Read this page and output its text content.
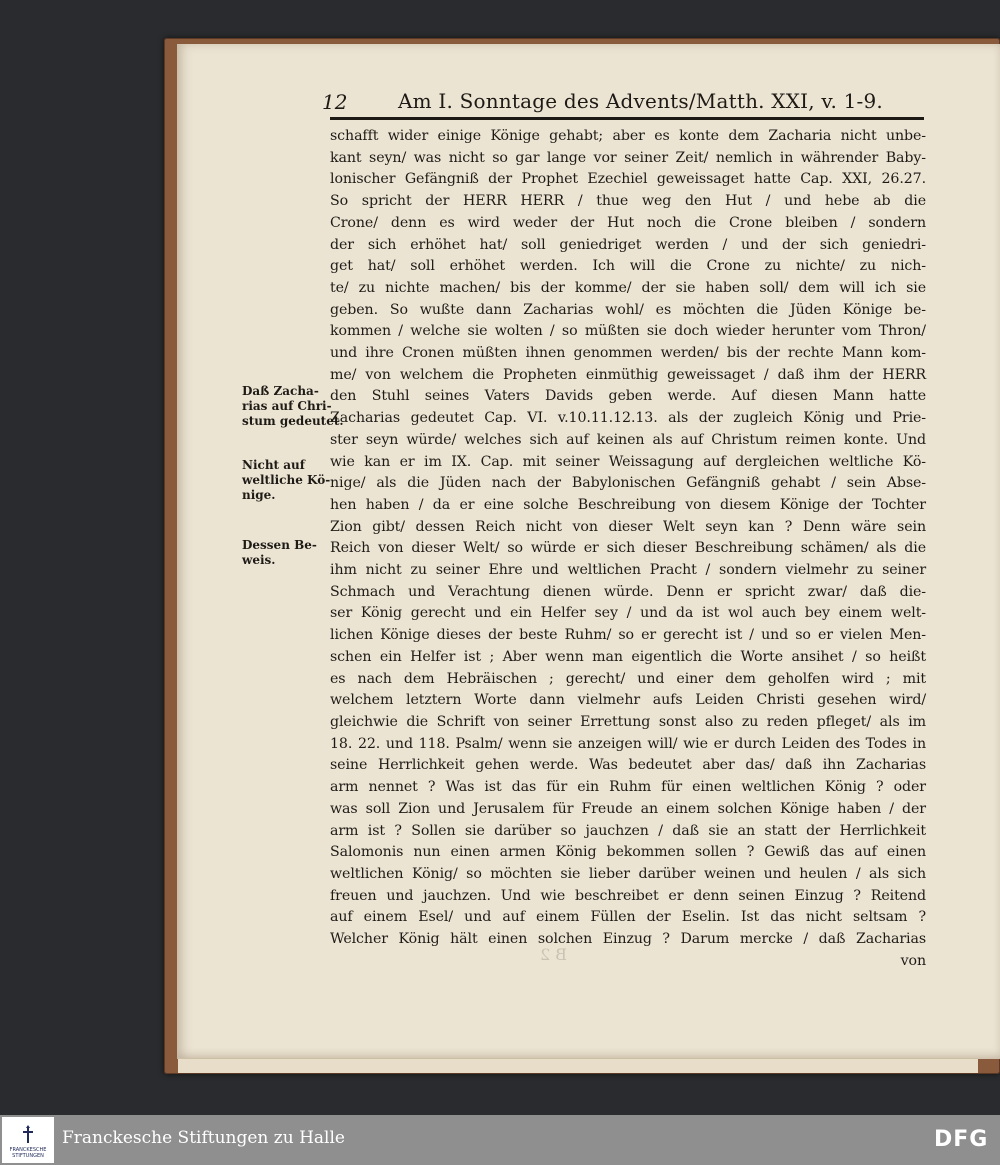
12	Am I. Sonntage des Advents/Matth. XXI, v. 1-9.
schafft wider einige Könige gehabt; aber es konte dem Zacharia nicht unbe-
kant seyn/ was nicht so gar lange vor seiner Zeit/ nemlich in währender Baby-
lonischer Gefängniß der Prophet Ezechiel geweissaget hatte Cap. XXI, 26.27.
So spricht der HERR HERR / thue weg den Hut / und hebe ab die
Crone/ denn es wird weder der Hut noch die Crone bleiben / sondern
der sich erhöhet hat/ soll geniedriget werden / und der sich geniedri-
get hat/ soll erhöhet werden. Ich will die Crone zu nichte/ zu nich-
te/ zu nichte machen/ bis der komme/ der sie haben soll/ dem will ich sie
geben. So wußte dann Zacharias wohl/ es möchten die Jüden Könige be-
kommen / welche sie wolten / so müßten sie doch wieder herunter vom Thron/
und ihre Cronen müßten ihnen genommen werden/ bis der rechte Mann kom-
me/ von welchem die Propheten einmüthig geweissaget / daß ihm der HERR
den Stuhl seines Vaters Davids geben werde. Auf diesen Mann hatte
Zacharias gedeutet Cap. VI. v.10.11.12.13. als der zugleich König und Prie-
ster seyn würde/ welches sich auf keinen als auf Christum reimen konte. Und
wie kan er im IX. Cap. mit seiner Weissagung auf dergleichen weltliche Kö-
nige/ als die Jüden nach der Babylonischen Gefängniß gehabt / sein Abse-
hen haben / da er eine solche Beschreibung von diesem Könige der Tochter
Zion gibt/ dessen Reich nicht von dieser Welt seyn kan ? Denn wäre sein
Reich von dieser Welt/ so würde er sich dieser Beschreibung schämen/ als die
ihm nicht zu seiner Ehre und weltlichen Pracht / sondern vielmehr zu seiner
Schmach und Verachtung dienen würde. Denn er spricht zwar/ daß die-
ser König gerecht und ein Helfer sey / und da ist wol auch bey einem welt-
lichen Könige dieses der beste Ruhm/ so er gerecht ist / und so er vielen Men-
schen ein Helfer ist ; Aber wenn man eigentlich die Worte ansihet / so heißt
es nach dem Hebräischen ; gerecht/ und einer dem geholfen wird ; mit
welchem letztern Worte dann vielmehr aufs Leiden Christi gesehen wird/
gleichwie die Schrift von seiner Errettung sonst also zu reden pfleget/ als im
18. 22. und 118. Psalm/ wenn sie anzeigen will/ wie er durch Leiden des Todes in
seine Herrlichkeit gehen werde. Was bedeutet aber das/ daß ihn Zacharias
arm nennet ? Was ist das für ein Ruhm für einen weltlichen König ? oder
was soll Zion und Jerusalem für Freude an einem solchen Könige haben / der
arm ist ? Sollen sie darüber so jauchzen / daß sie an statt der Herrlichkeit
Salomonis nun einen armen König bekommen sollen ? Gewiß das auf einen
weltlichen König/ so möchten sie lieber darüber weinen und heulen / als sich
freuen und jauchzen. Und wie beschreibet er denn seinen Einzug ? Reitend
auf einem Esel/ und auf einem Füllen der Eselin. Ist das nicht seltsam ?
Welcher König hält einen solchen Einzug ? Darum mercke / daß Zacharias
von
Daß Zacha-
rias auf Chri-
stum gedeutet.
Nicht auf
weltliche Kö-
nige.
Dessen Be-
weis.
B 2
FRANCKESCHE STIFTUNGEN
Franckesche Stiftungen zu Halle	DFG
